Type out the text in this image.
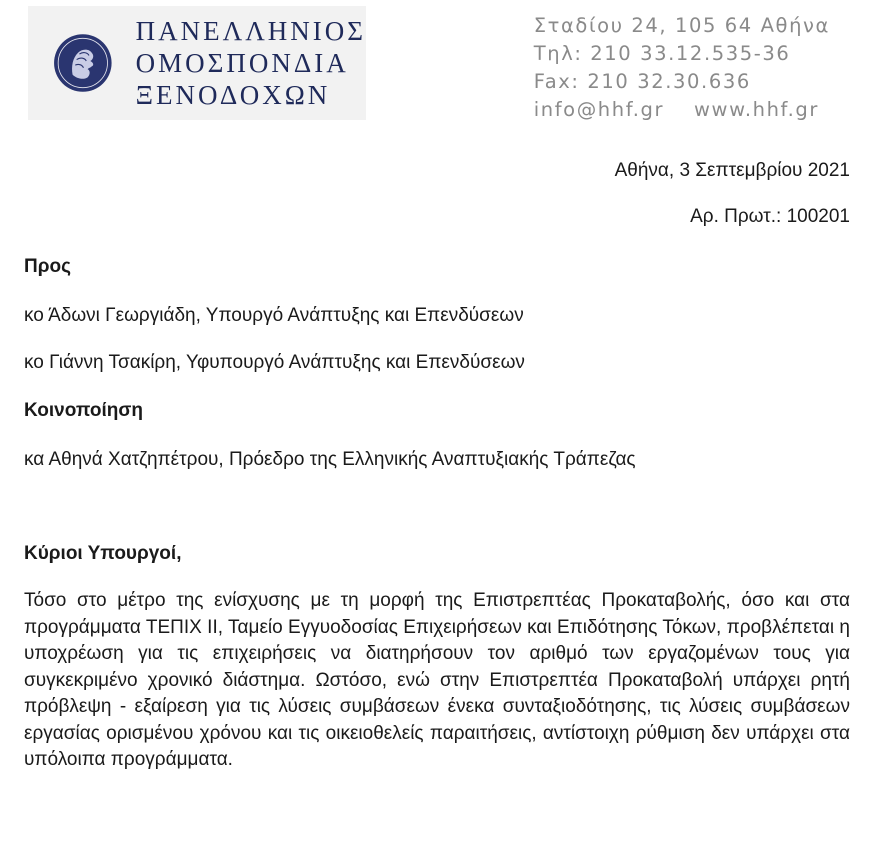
ΠΑΝΕΛΛΗΝΙΟΣ
ΟΜΟΣΠΟΝΔΙΑ
ΞΕΝΟΔΟΧΩΝ
Σταδίου 24, 105 64 Αθήνα
Τηλ: 210 33.12.535-36
Fax: 210 32.30.636
info@hhf.gr www.hhf.gr
Αθήνα, 3 Σεπτεμβρίου 2021
Αρ. Πρωτ.: 100201
Προς
κο Άδωνι Γεωργιάδη, Υπουργό Ανάπτυξης και Επενδύσεων
κο Γιάννη Τσακίρη, Υφυπουργό Ανάπτυξης και Επενδύσεων
Κοινοποίηση
κα Αθηνά Χατζηπέτρου, Πρόεδρο της Ελληνικής Αναπτυξιακής Τράπεζας
Κύριοι Υπουργοί,
Τόσο στο μέτρο της ενίσχυσης με τη μορφή της Επιστρεπτέας Προκαταβολής, όσο και στα προγράμματα ΤΕΠΙΧ ΙΙ, Ταμείο Εγγυοδοσίας Επιχειρήσεων και Επιδότησης Τόκων, προβλέπεται η υποχρέωση για τις επιχειρήσεις να διατηρήσουν τον αριθμό των εργαζομένων τους για συγκεκριμένο χρονικό διάστημα. Ωστόσο, ενώ στην Επιστρεπτέα Προκαταβολή υπάρχει ρητή πρόβλεψη - εξαίρεση για τις λύσεις συμβάσεων ένεκα συνταξιοδότησης, τις λύσεις συμβάσεων εργασίας ορισμένου χρόνου και τις οικειοθελείς παραιτήσεις, αντίστοιχη ρύθμιση δεν υπάρχει στα υπόλοιπα προγράμματα.
